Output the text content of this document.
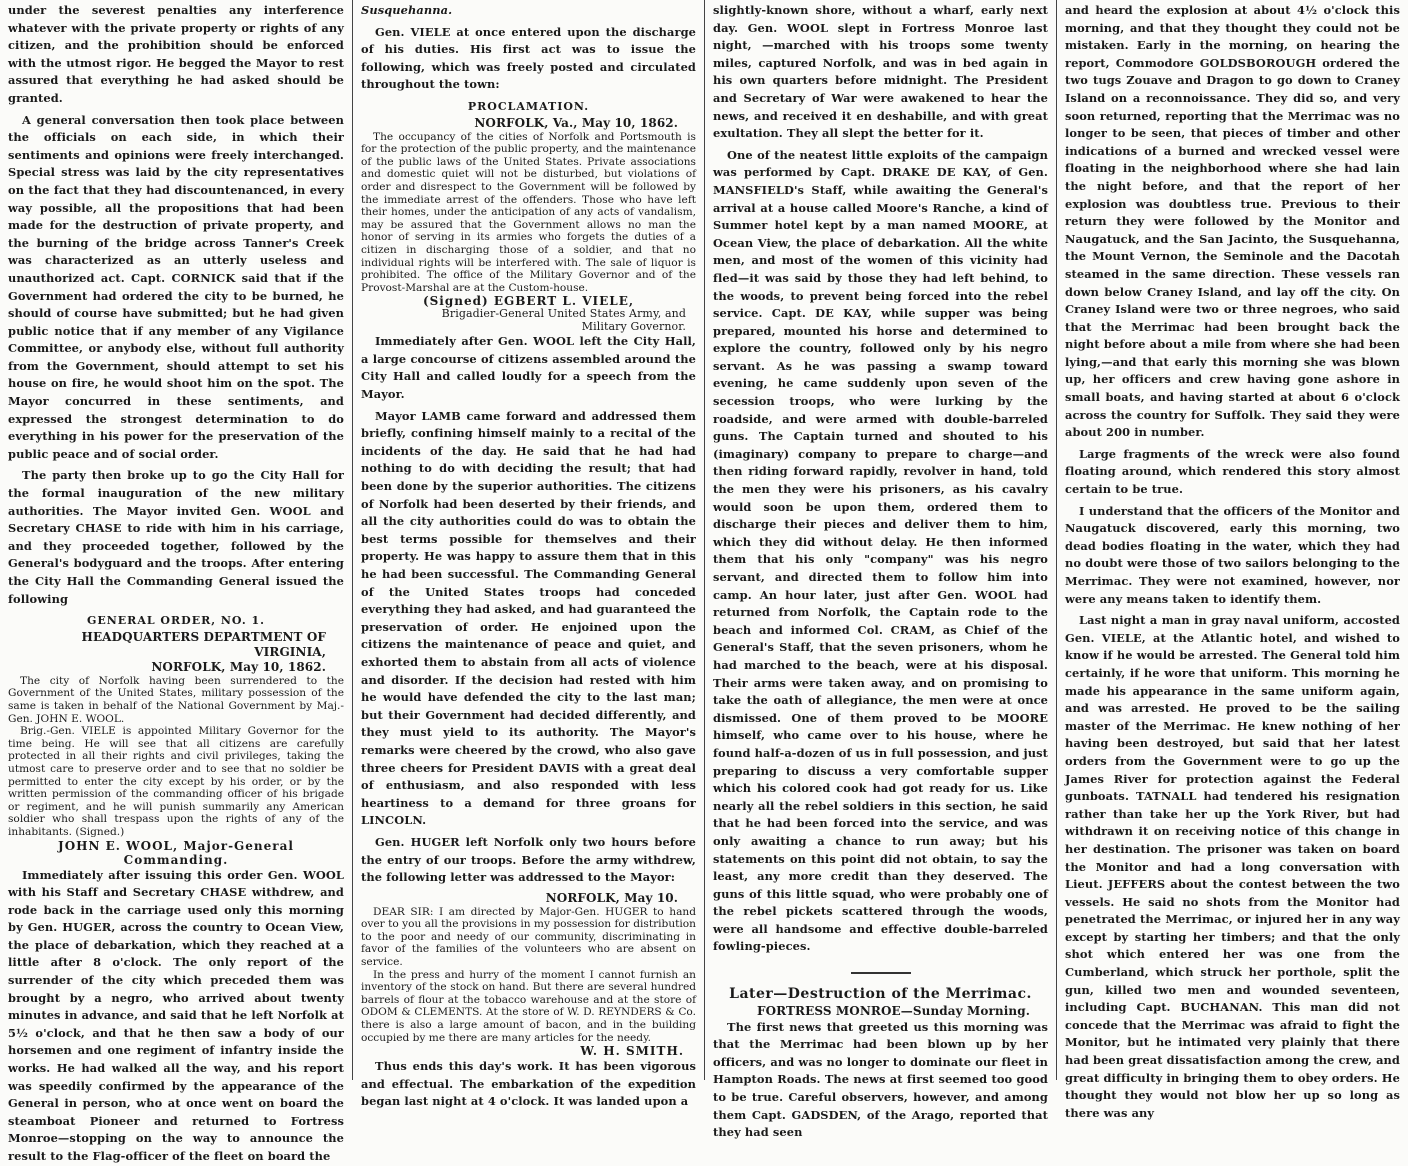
under the severest penalties any interference whatever with the private property or rights of any citizen, and the prohibition should be enforced with the utmost rigor. He begged the Mayor to rest assured that everything he had asked should be granted.

A general conversation then took place between the officials on each side, in which their sentiments and opinions were freely interchanged. Special stress was laid by the city representatives on the fact that they had discountenanced, in every way possible, all the propositions that had been made for the destruction of private property, and the burning of the bridge across Tanner's Creek was characterized as an utterly useless and unauthorized act. Capt. CORNICK said that if the Government had ordered the city to be burned, he should of course have submitted; but he had given public notice that if any member of any Vigilance Committee, or anybody else, without full authority from the Government, should attempt to set his house on fire, he would shoot him on the spot. The Mayor concurred in these sentiments, and expressed the strongest determination to do everything in his power for the preservation of the public peace and of social order.

The party then broke up to go the City Hall for the formal inauguration of the new military authorities. The Mayor invited Gen. WOOL and Secretary CHASE to ride with him in his carriage, and they proceeded together, followed by the General's bodyguard and the troops. After entering the City Hall the Commanding General issued the following

GENERAL ORDER, NO. 1.

HEADQUARTERS DEPARTMENT OF VIRGINIA,

NORFOLK, May 10, 1862.

The city of Norfolk having been surrendered to the Government of the United States, military possession of the same is taken in behalf of the National Government by Maj.-Gen. JOHN E. WOOL.

Brig.-Gen. VIELE is appointed Military Governor for the time being. He will see that all citizens are carefully protected in all their rights and civil privileges, taking the utmost care to preserve order and to see that no soldier be permitted to enter the city except by his order, or by the written permission of the commanding officer of his brigade or regiment, and he will punish summarily any American soldier who shall trespass upon the rights of any of the inhabitants. (Signed.)

JOHN E. WOOL, Major-General Commanding.

Immediately after issuing this order Gen. WOOL with his Staff and Secretary CHASE withdrew, and rode back in the carriage used only this morning by Gen. HUGER, across the country to Ocean View, the place of debarkation, which they reached at a little after 8 o'clock. The only report of the surrender of the city which preceded them was brought by a negro, who arrived about twenty minutes in advance, and said that he left Norfolk at 5½ o'clock, and that he then saw a body of our horsemen and one regiment of infantry inside the works. He had walked all the way, and his report was speedily confirmed by the appearance of the General in person, who at once went on board the steamboat Pioneer and returned to Fortress Monroe—stopping on the way to announce the result to the Flag-officer of the fleet on board the

Susquehanna.

Gen. VIELE at once entered upon the discharge of his duties. His first act was to issue the following, which was freely posted and circulated throughout the town:

PROCLAMATION.

NORFOLK, Va., May 10, 1862.

The occupancy of the cities of Norfolk and Portsmouth is for the protection of the public property, and the maintenance of the public laws of the United States. Private associations and domestic quiet will not be disturbed, but violations of order and disrespect to the Government will be followed by the immediate arrest of the offenders. Those who have left their homes, under the anticipation of any acts of vandalism, may be assured that the Government allows no man the honor of serving in its armies who forgets the duties of a citizen in discharging those of a soldier, and that no individual rights will be interfered with. The sale of liquor is prohibited. The office of the Military Governor and of the Provost-Marshal are at the Custom-house.

(Signed) EGBERT L. VIELE,

Brigadier-General United States Army, and

Military Governor.

Immediately after Gen. WOOL left the City Hall, a large concourse of citizens assembled around the City Hall and called loudly for a speech from the Mayor.

Mayor LAMB came forward and addressed them briefly, confining himself mainly to a recital of the incidents of the day. He said that he had had nothing to do with deciding the result; that had been done by the superior authorities. The citizens of Norfolk had been deserted by their friends, and all the city authorities could do was to obtain the best terms possible for themselves and their property. He was happy to assure them that in this he had been successful. The Commanding General of the United States troops had conceded everything they had asked, and had guaranteed the preservation of order. He enjoined upon the citizens the maintenance of peace and quiet, and exhorted them to abstain from all acts of violence and disorder. If the decision had rested with him he would have defended the city to the last man; but their Government had decided differently, and they must yield to its authority. The Mayor's remarks were cheered by the crowd, who also gave three cheers for President DAVIS with a great deal of enthusiasm, and also responded with less heartiness to a demand for three groans for LINCOLN.

Gen. HUGER left Norfolk only two hours before the entry of our troops. Before the army withdrew, the following letter was addressed to the Mayor:

NORFOLK, May 10.

DEAR SIR: I am directed by Major-Gen. HUGER to hand over to you all the provisions in my possession for distribution to the poor and needy of our community, discriminating in favor of the families of the volunteers who are absent on service.

In the press and hurry of the moment I cannot furnish an inventory of the stock on hand. But there are several hundred barrels of flour at the tobacco warehouse and at the store of ODOM & CLEMENTS. At the store of W. D. REYNDERS & Co. there is also a large amount of bacon, and in the building occupied by me there are many articles for the needy.

W. H. SMITH.

Thus ends this day's work. It has been vigorous and effectual. The embarkation of the expedition began last night at 4 o'clock. It was landed upon a

slightly-known shore, without a wharf, early next day. Gen. WOOL slept in Fortress Monroe last night, —marched with his troops some twenty miles, captured Norfolk, and was in bed again in his own quarters before midnight. The President and Secretary of War were awakened to hear the news, and received it en deshabille, and with great exultation. They all slept the better for it.

One of the neatest little exploits of the campaign was performed by Capt. DRAKE DE KAY, of Gen. MANSFIELD's Staff, while awaiting the General's arrival at a house called Moore's Ranche, a kind of Summer hotel kept by a man named MOORE, at Ocean View, the place of debarkation. All the white men, and most of the women of this vicinity had fled—it was said by those they had left behind, to the woods, to prevent being forced into the rebel service. Capt. DE KAY, while supper was being prepared, mounted his horse and determined to explore the country, followed only by his negro servant. As he was passing a swamp toward evening, he came suddenly upon seven of the secession troops, who were lurking by the roadside, and were armed with double-barreled guns. The Captain turned and shouted to his (imaginary) company to prepare to charge—and then riding forward rapidly, revolver in hand, told the men they were his prisoners, as his cavalry would soon be upon them, ordered them to discharge their pieces and deliver them to him, which they did without delay. He then informed them that his only "company" was his negro servant, and directed them to follow him into camp. An hour later, just after Gen. WOOL had returned from Norfolk, the Captain rode to the beach and informed Col. CRAM, as Chief of the General's Staff, that the seven prisoners, whom he had marched to the beach, were at his disposal. Their arms were taken away, and on promising to take the oath of allegiance, the men were at once dismissed. One of them proved to be MOORE himself, who came over to his house, where he found half-a-dozen of us in full possession, and just preparing to discuss a very comfortable supper which his colored cook had got ready for us. Like nearly all the rebel soldiers in this section, he said that he had been forced into the service, and was only awaiting a chance to run away; but his statements on this point did not obtain, to say the least, any more credit than they deserved. The guns of this little squad, who were probably one of the rebel pickets scattered through the woods, were all handsome and effective double-barreled fowling-pieces.

Later—Destruction of the Merrimac.

FORTRESS MONROE—Sunday Morning.

The first news that greeted us this morning was that the Merrimac had been blown up by her officers, and was no longer to dominate our fleet in Hampton Roads. The news at first seemed too good to be true. Careful observers, however, and among them Capt. GADSDEN, of the Arago, reported that they had seen

and heard the explosion at about 4½ o'clock this morning, and that they thought they could not be mistaken. Early in the morning, on hearing the report, Commodore GOLDSBOROUGH ordered the two tugs Zouave and Dragon to go down to Craney Island on a reconnoissance. They did so, and very soon returned, reporting that the Merrimac was no longer to be seen, that pieces of timber and other indications of a burned and wrecked vessel were floating in the neighborhood where she had lain the night before, and that the report of her explosion was doubtless true. Previous to their return they were followed by the Monitor and Naugatuck, and the San Jacinto, the Susquehanna, the Mount Vernon, the Seminole and the Dacotah steamed in the same direction. These vessels ran down below Craney Island, and lay off the city. On Craney Island were two or three negroes, who said that the Merrimac had been brought back the night before about a mile from where she had been lying,—and that early this morning she was blown up, her officers and crew having gone ashore in small boats, and having started at about 6 o'clock across the country for Suffolk. They said they were about 200 in number.

Large fragments of the wreck were also found floating around, which rendered this story almost certain to be true.

I understand that the officers of the Monitor and Naugatuck discovered, early this morning, two dead bodies floating in the water, which they had no doubt were those of two sailors belonging to the Merrimac. They were not examined, however, nor were any means taken to identify them.

Last night a man in gray naval uniform, accosted Gen. VIELE, at the Atlantic hotel, and wished to know if he would be arrested. The General told him certainly, if he wore that uniform. This morning he made his appearance in the same uniform again, and was arrested. He proved to be the sailing master of the Merrimac. He knew nothing of her having been destroyed, but said that her latest orders from the Government were to go up the James River for protection against the Federal gunboats. TATNALL had tendered his resignation rather than take her up the York River, but had withdrawn it on receiving notice of this change in her destination. The prisoner was taken on board the Monitor and had a long conversation with Lieut. JEFFERS about the contest between the two vessels. He said no shots from the Monitor had penetrated the Merrimac, or injured her in any way except by starting her timbers; and that the only shot which entered her was one from the Cumberland, which struck her porthole, split the gun, killed two men and wounded seventeen, including Capt. BUCHANAN. This man did not concede that the Merrimac was afraid to fight the Monitor, but he intimated very plainly that there had been great dissatisfaction among the crew, and great difficulty in bringing them to obey orders. He thought they would not blow her up so long as there was any
